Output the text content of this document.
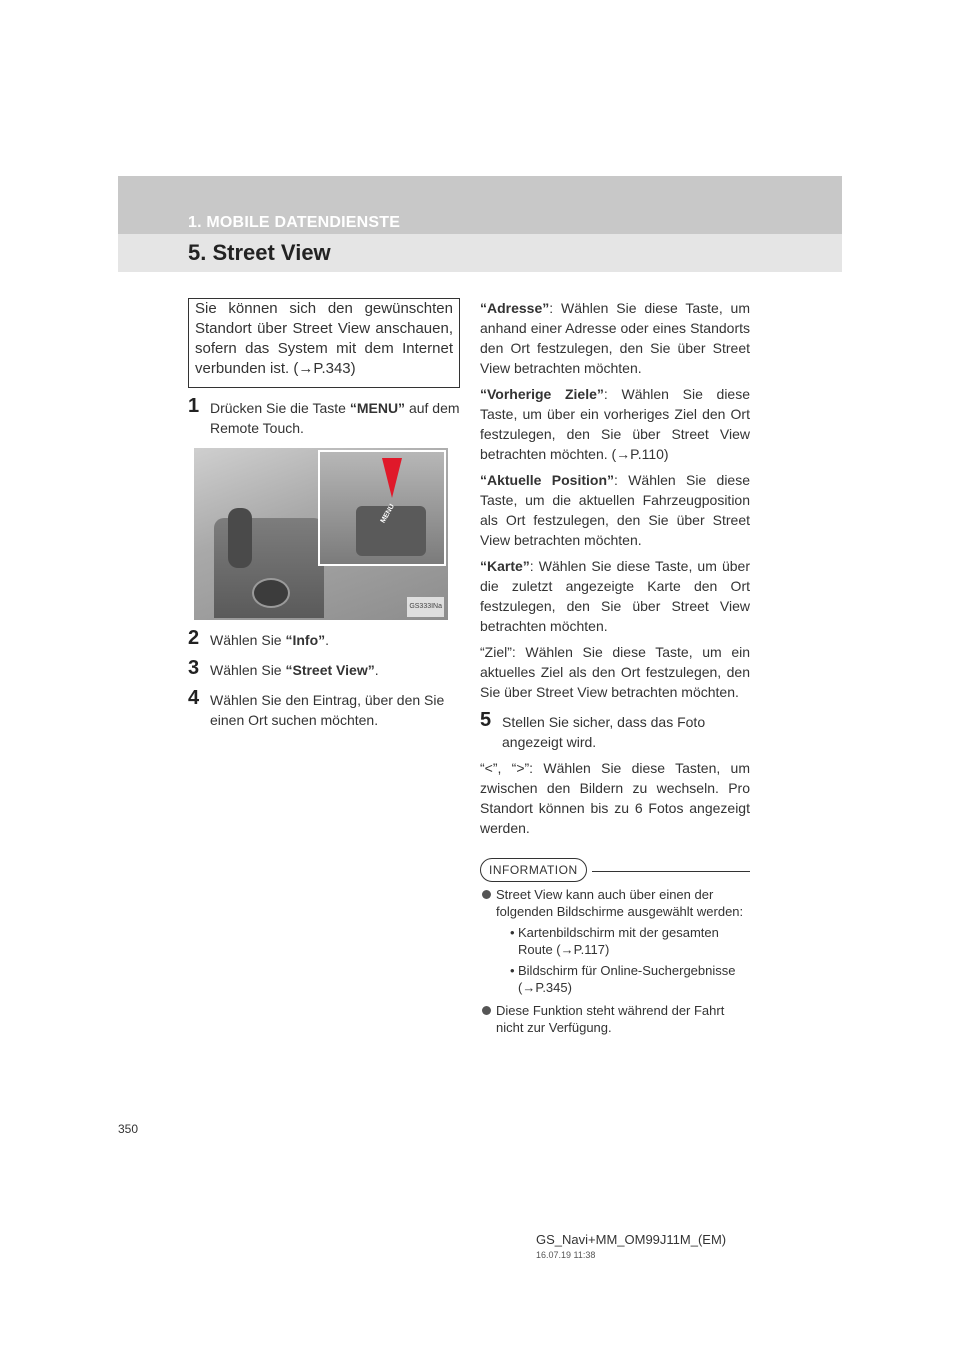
1. MOBILE DATENDIENSTE
5. Street View
Sie können sich den gewünschten Standort über Street View anschauen, sofern das System mit dem Internet verbunden ist. (→P.343)
1 Drücken Sie die Taste “MENU” auf dem Remote Touch.
MENU
GS333INa
2 Wählen Sie “Info”.
3 Wählen Sie “Street View”.
4 Wählen Sie den Eintrag, über den Sie einen Ort suchen möchten.
“Adresse”: Wählen Sie diese Taste, um anhand einer Adresse oder eines Standorts den Ort festzulegen, den Sie über Street View betrachten möchten.
“Vorherige Ziele”: Wählen Sie diese Taste, um über ein vorheriges Ziel den Ort festzulegen, den Sie über Street View betrachten möchten. (→P.110)
“Aktuelle Position”: Wählen Sie diese Taste, um die aktuellen Fahrzeugposition als Ort festzulegen, den Sie über Street View betrachten möchten.
“Karte”: Wählen Sie diese Taste, um über die zuletzt angezeigte Karte den Ort festzulegen, den Sie über Street View betrachten möchten.
“Ziel”: Wählen Sie diese Taste, um ein aktuelles Ziel als den Ort festzulegen, den Sie über Street View betrachten möchten.
5 Stellen Sie sicher, dass das Foto angezeigt wird.
“<”, “>”: Wählen Sie diese Tasten, um zwischen den Bildern zu wechseln. Pro Standort können bis zu 6 Fotos angezeigt werden.
INFORMATION
Street View kann auch über einen der folgenden Bildschirme ausgewählt werden:
• Kartenbildschirm mit der gesamten Route (→P.117)
• Bildschirm für Online-Suchergebnisse (→P.345)
Diese Funktion steht während der Fahrt nicht zur Verfügung.
350
GS_Navi+MM_OM99J11M_(EM)
16.07.19 11:38
